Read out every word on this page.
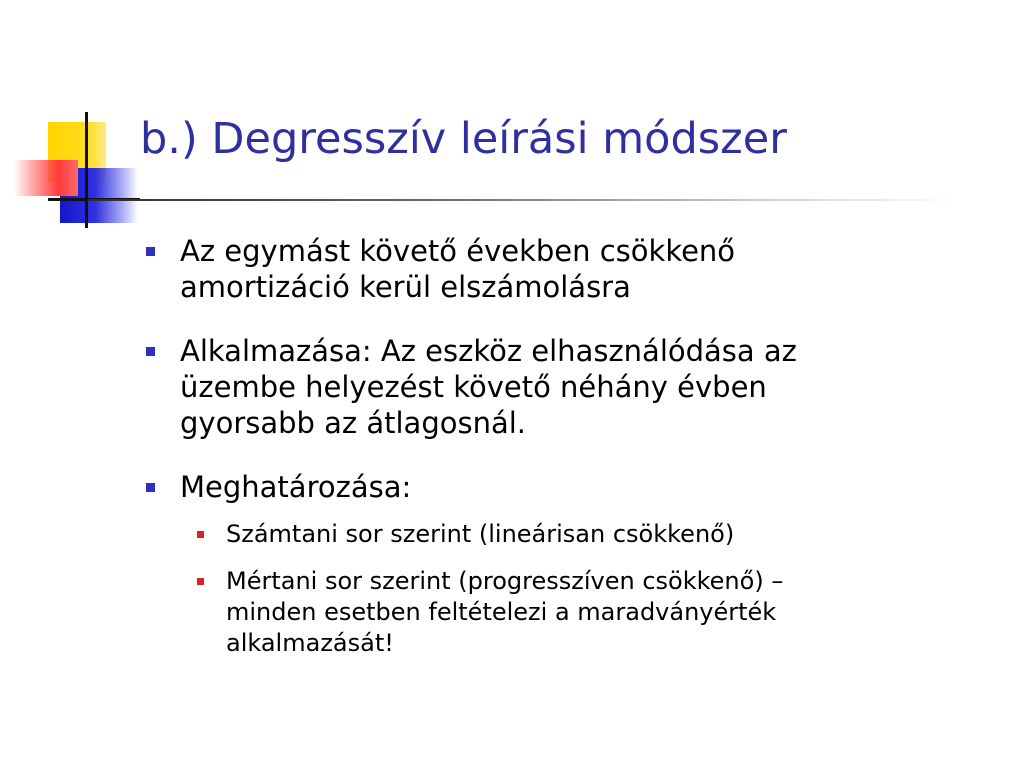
b.) Degresszív leírási módszer
Az egymást követő években csökkenő
amortizáció kerül elszámolásra
Alkalmazása: Az eszköz elhasználódása az
üzembe helyezést követő néhány évben
gyorsabb az átlagosnál.
Meghatározása:
Számtani sor szerint (lineárisan csökkenő)
Mértani sor szerint (progresszíven csökkenő) –
minden esetben feltételezi a maradványérték
alkalmazását!
